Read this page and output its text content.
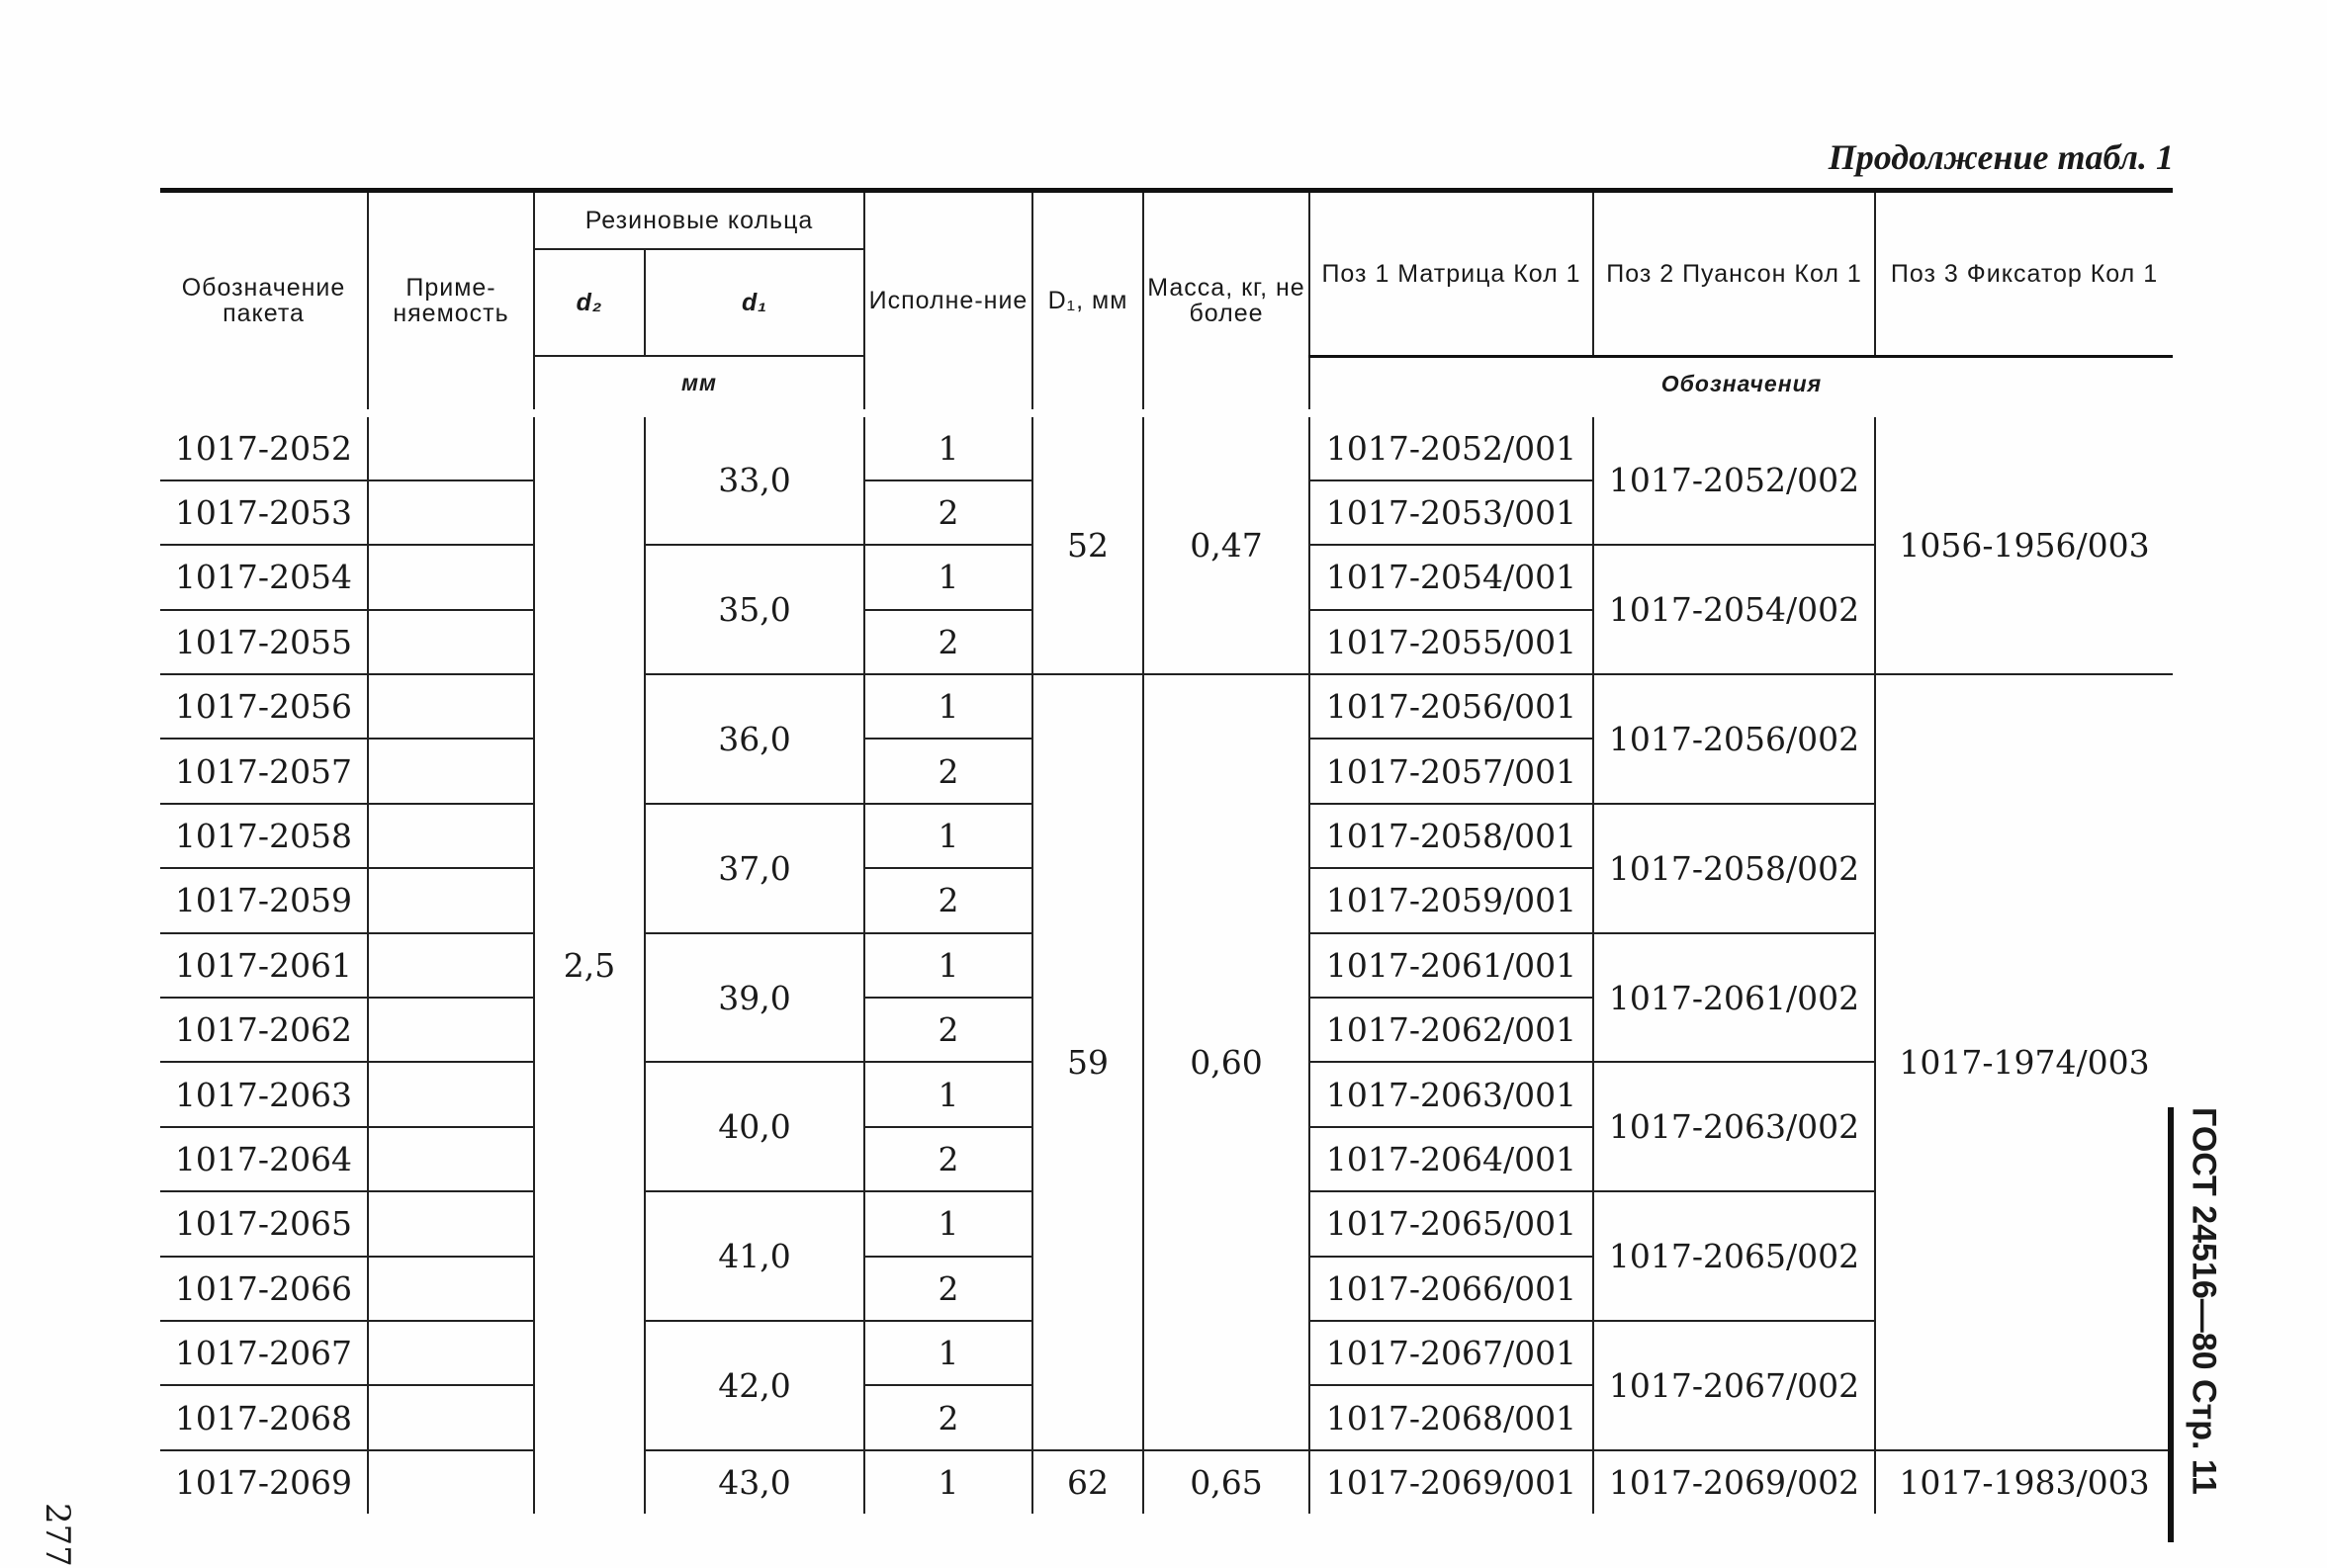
Продолжение табл. 1
Обозначение пакета	Приме-няемость	Резиновые кольца		Исполне-ние	D₁, мм	Масса, кг, не более	Поз 1 Матрица Кол 1	Поз 2 Пуансон Кол 1	Поз 3 Фиксатор Кол 1
		d₂	d₁						
		мм					Обозначения		
1017-2052		2,5	33,0	1	52	0,47	1017-2052/001	1017-2052/002	1056-1956/003
1017-2053				2			1017-2053/001		
1017-2054			35,0	1			1017-2054/001	1017-2054/002	
1017-2055				2			1017-2055/001		
1017-2056			36,0	1	59	0,60	1017-2056/001	1017-2056/002	1017-1974/003
1017-2057				2			1017-2057/001		
1017-2058			37,0	1			1017-2058/001	1017-2058/002	
1017-2059				2			1017-2059/001		
1017-2061			39,0	1			1017-2061/001	1017-2061/002	
1017-2062				2			1017-2062/001		
1017-2063			40,0	1			1017-2063/001	1017-2063/002	
1017-2064				2			1017-2064/001		
1017-2065			41,0	1			1017-2065/001	1017-2065/002	
1017-2066				2			1017-2066/001		
1017-2067			42,0	1			1017-2067/001	1017-2067/002	
1017-2068				2			1017-2068/001		
1017-2069			43,0	1	62	0,65	1017-2069/001	1017-2069/002	1017-1983/003 ГОСТ 24516—80 Стр. 11
277
